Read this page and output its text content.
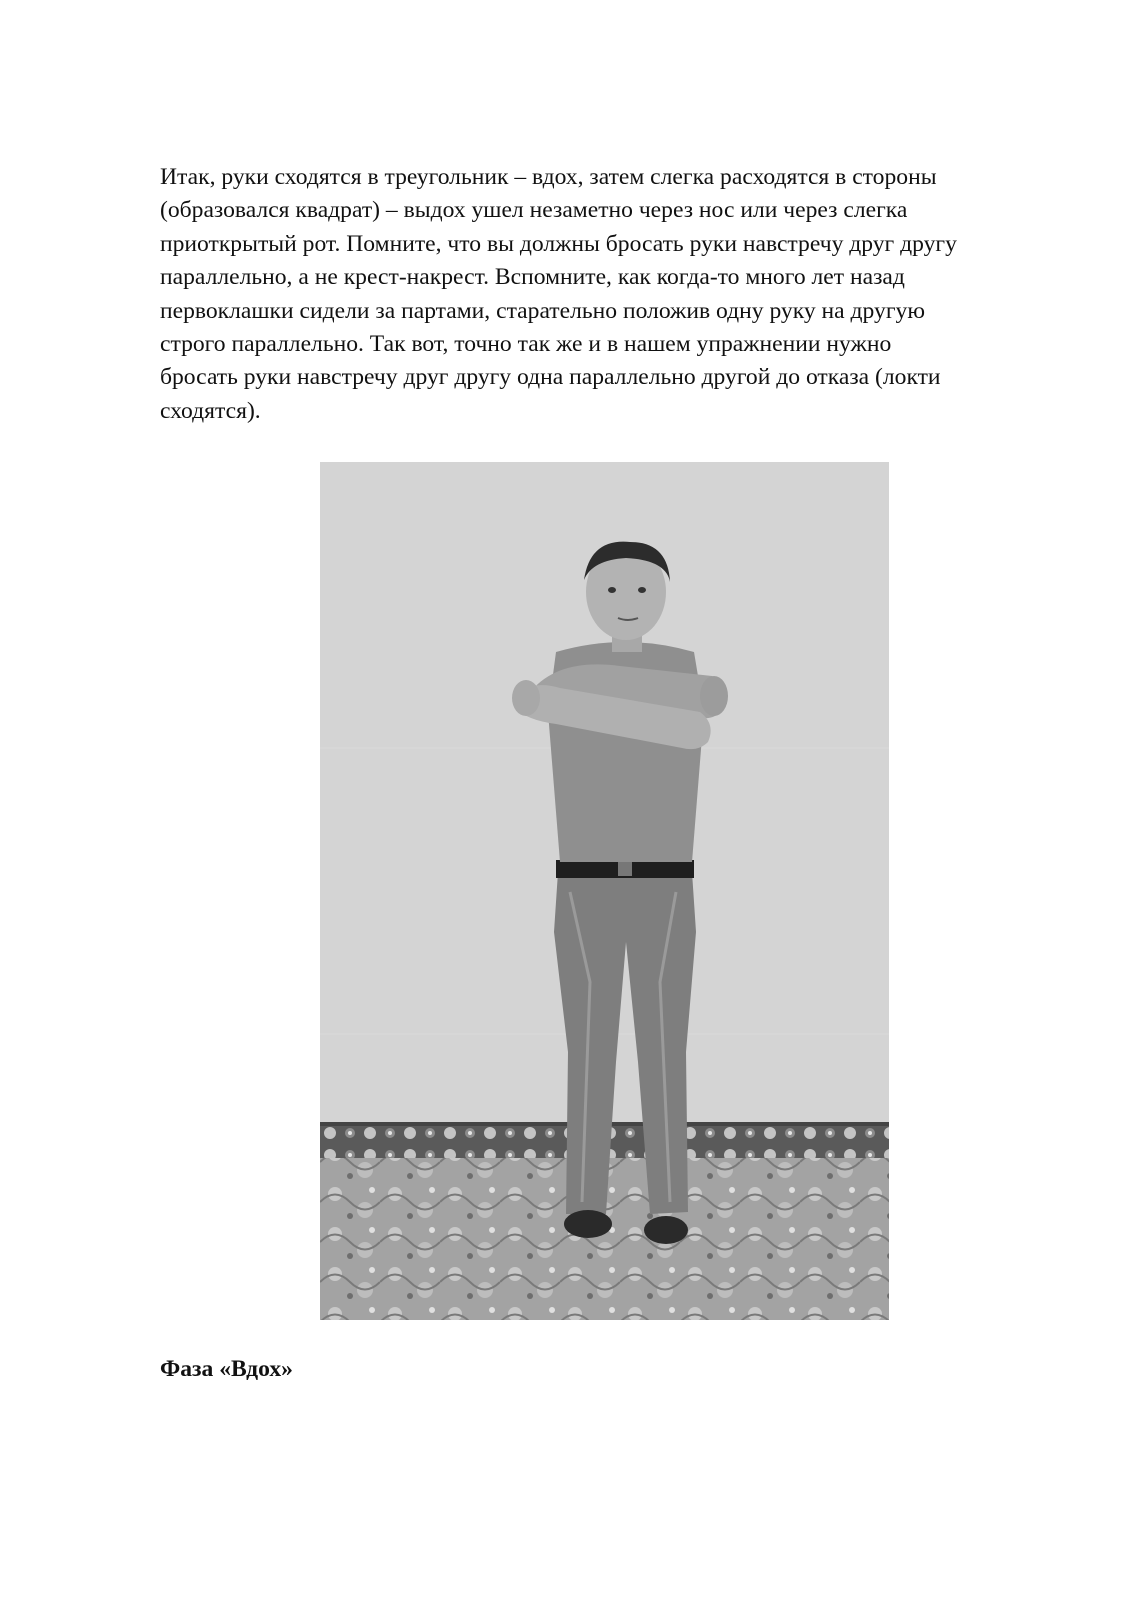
Итак, руки сходятся в треугольник – вдох, затем слегка расходятся в стороны
(образовался квадрат) – выдох ушел незаметно через нос или через слегка
приоткрытый рот. Помните, что вы должны бросать руки навстречу друг другу
параллельно, а не крест-накрест. Вспомните, как когда-то много лет назад
первоклашки сидели за партами, старательно положив одну руку на другую
строго параллельно. Так вот, точно так же и в нашем упражнении нужно
бросать руки навстречу друг другу одна параллельно другой до отказа (локти
сходятся).

Фаза «Вдох»
